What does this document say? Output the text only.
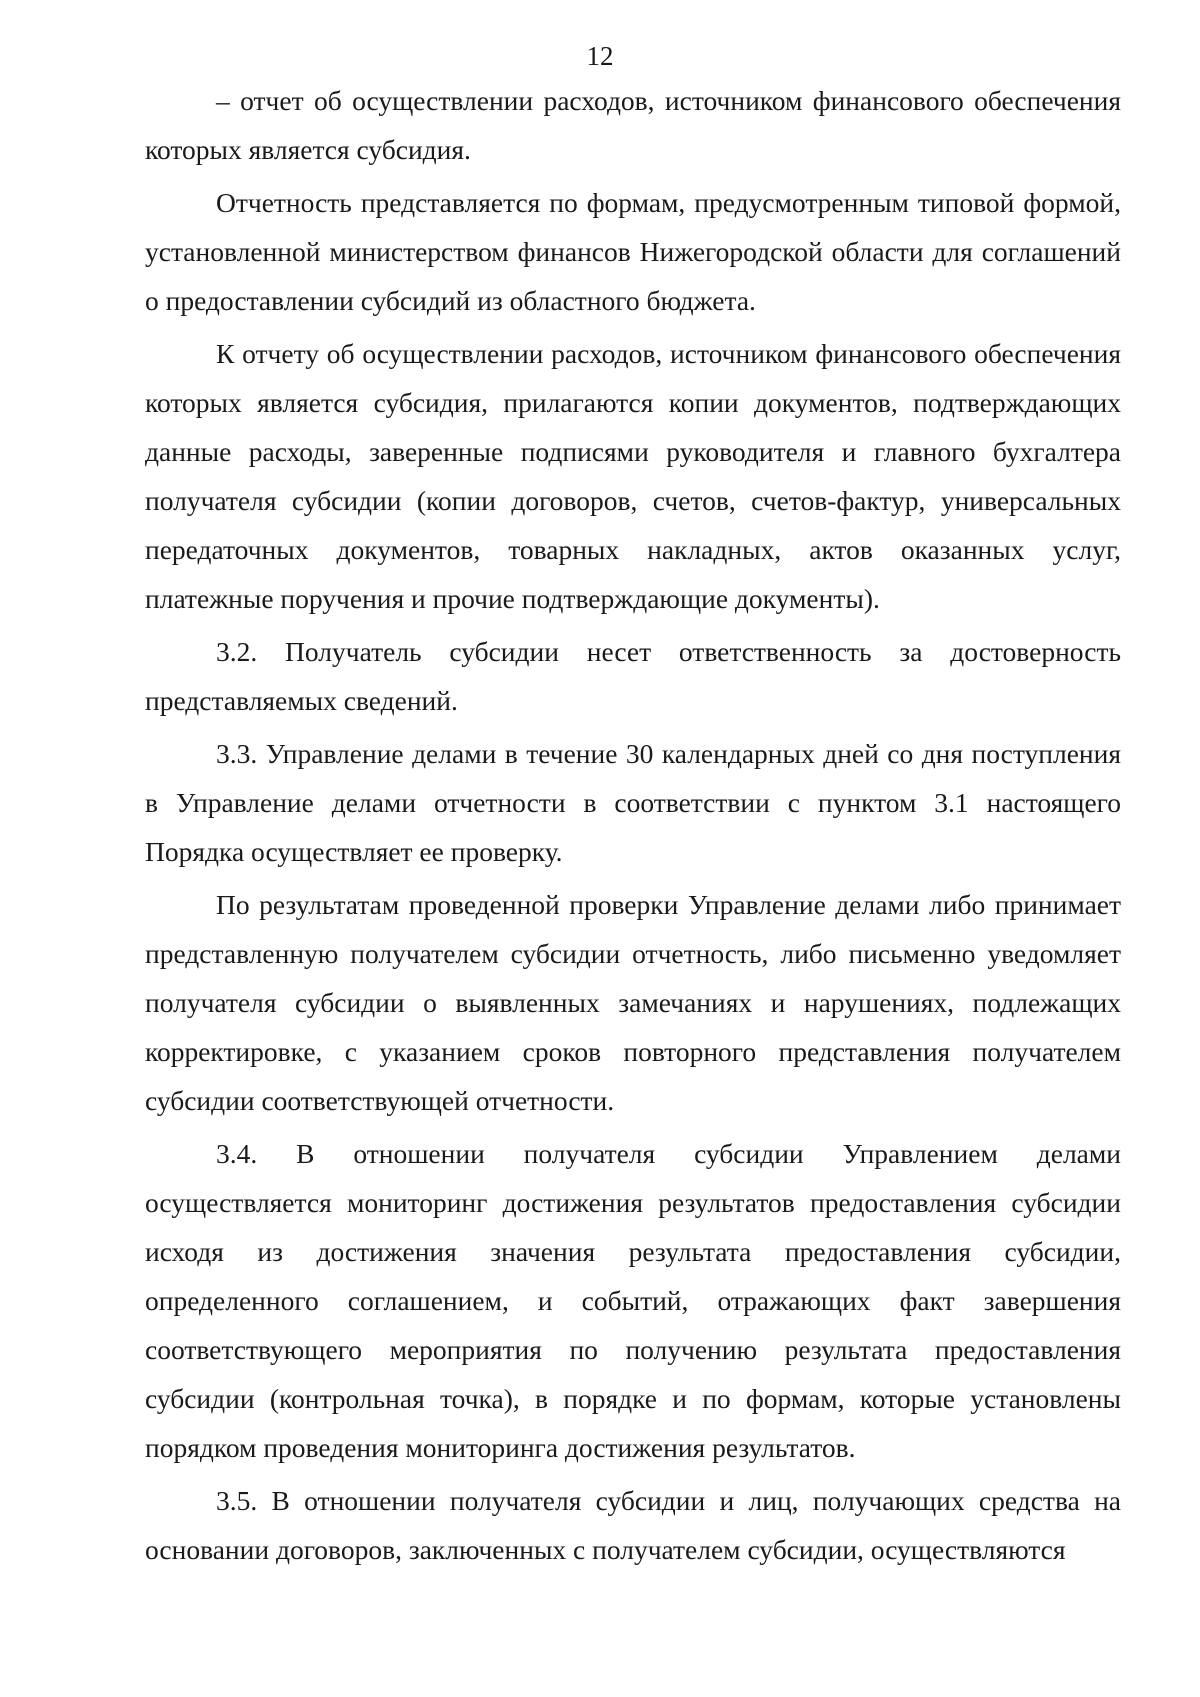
12

– отчет об осуществлении расходов, источником финансового обеспечения которых является субсидия.

Отчетность представляется по формам, предусмотренным типовой формой, установленной министерством финансов Нижегородской области для соглашений о предоставлении субсидий из областного бюджета.

К отчету об осуществлении расходов, источником финансового обеспечения которых является субсидия, прилагаются копии документов, подтверждающих данные расходы, заверенные подписями руководителя и главного бухгалтера получателя субсидии (копии договоров, счетов, счетов-фактур, универсальных передаточных документов, товарных накладных, актов оказанных услуг, платежные поручения и прочие подтверждающие документы).

3.2. Получатель субсидии несет ответственность за достоверность представляемых сведений.

3.3. Управление делами в течение 30 календарных дней со дня поступления в Управление делами отчетности в соответствии с пунктом 3.1 настоящего Порядка осуществляет ее проверку.

По результатам проведенной проверки Управление делами либо принимает представленную получателем субсидии отчетность, либо письменно уведомляет получателя субсидии о выявленных замечаниях и нарушениях, подлежащих корректировке, с указанием сроков повторного представления получателем субсидии соответствующей отчетности.

3.4. В отношении получателя субсидии Управлением делами осуществляется мониторинг достижения результатов предоставления субсидии исходя из достижения значения результата предоставления субсидии, определенного соглашением, и событий, отражающих факт завершения соответствующего мероприятия по получению результата предоставления субсидии (контрольная точка), в порядке и по формам, которые установлены порядком проведения мониторинга достижения результатов.

3.5. В отношении получателя субсидии и лиц, получающих средства на основании договоров, заключенных с получателем субсидии, осуществляются
